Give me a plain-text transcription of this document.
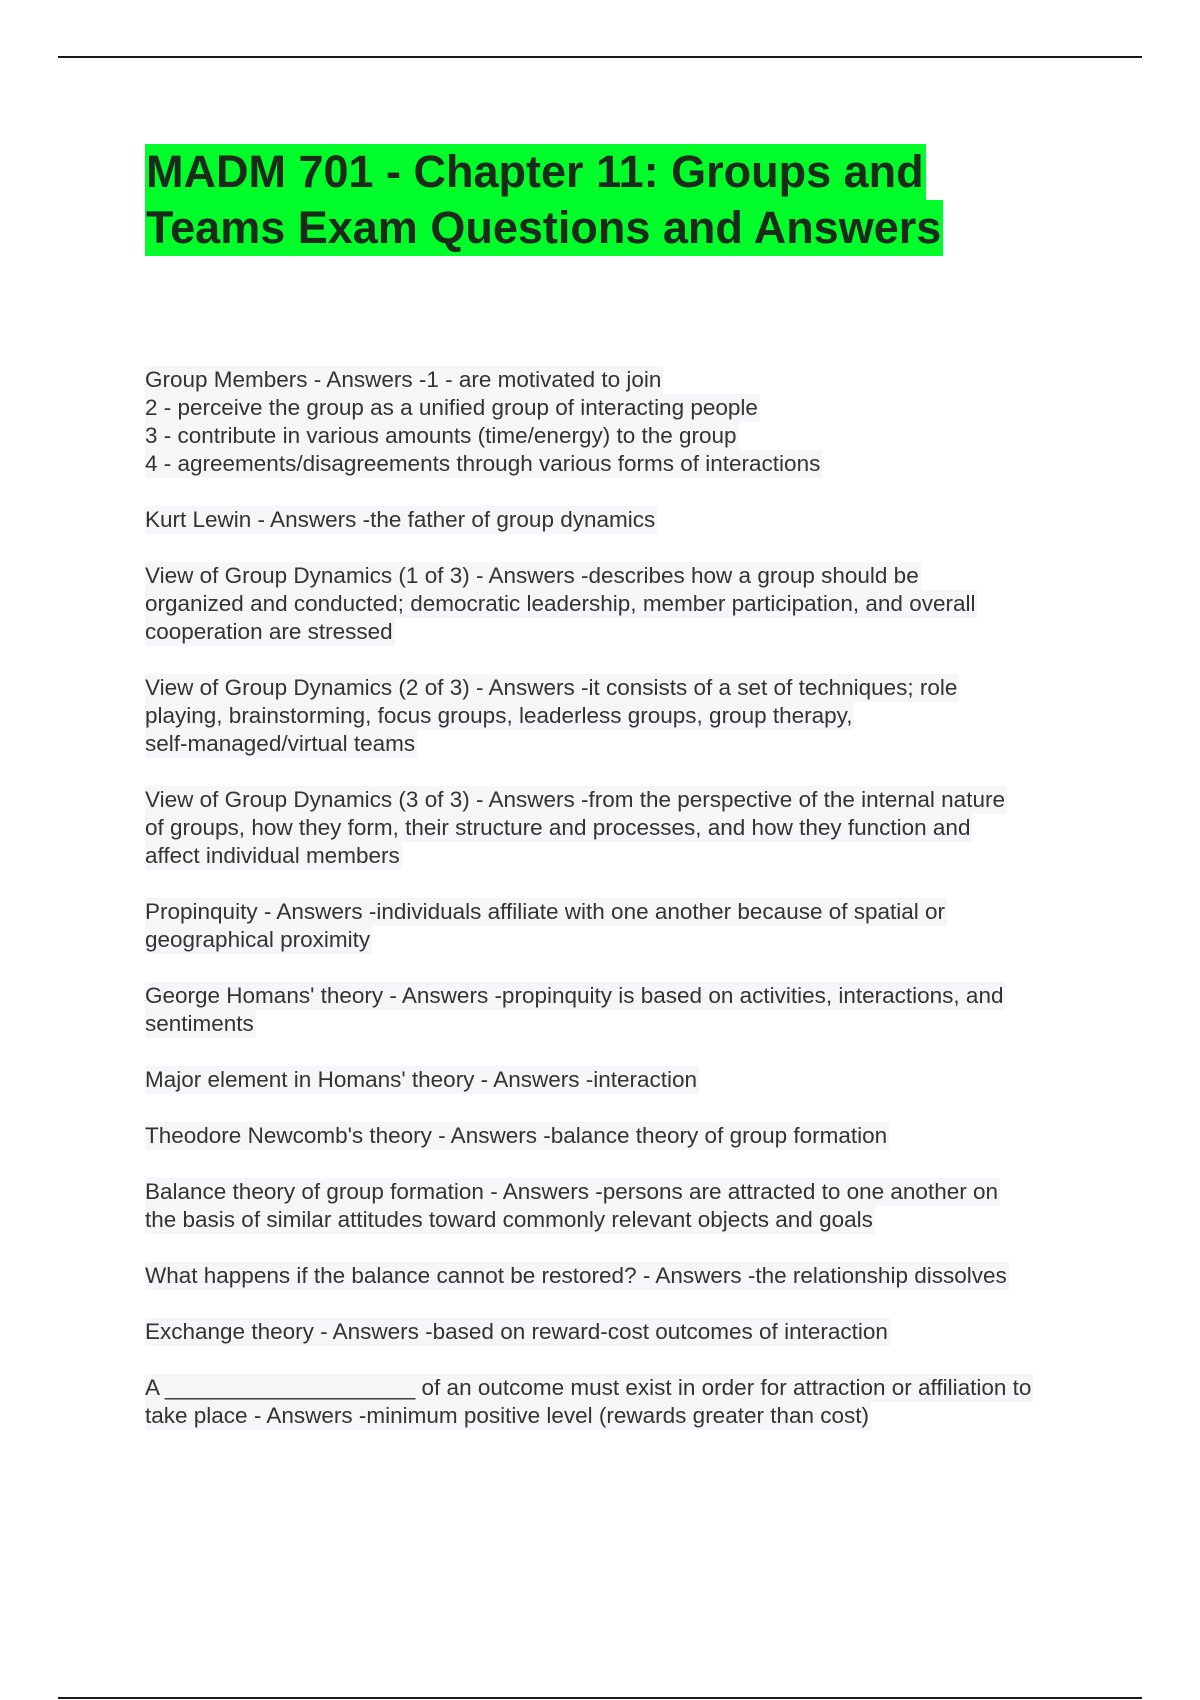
MADM 701 - Chapter 11: Groups and
Teams Exam Questions and Answers
Group Members - Answers -1 - are motivated to join
2 - perceive the group as a unified group of interacting people
3 - contribute in various amounts (time/energy) to the group
4 - agreements/disagreements through various forms of interactions
Kurt Lewin - Answers -the father of group dynamics
View of Group Dynamics (1 of 3) - Answers -describes how a group should be
organized and conducted; democratic leadership, member participation, and overall
cooperation are stressed
View of Group Dynamics (2 of 3) - Answers -it consists of a set of techniques; role
playing, brainstorming, focus groups, leaderless groups, group therapy,
self-managed/virtual teams
View of Group Dynamics (3 of 3) - Answers -from the perspective of the internal nature
of groups, how they form, their structure and processes, and how they function and
affect individual members
Propinquity - Answers -individuals affiliate with one another because of spatial or
geographical proximity
George Homans' theory - Answers -propinquity is based on activities, interactions, and
sentiments
Major element in Homans' theory - Answers -interaction
Theodore Newcomb's theory - Answers -balance theory of group formation
Balance theory of group formation - Answers -persons are attracted to one another on
the basis of similar attitudes toward commonly relevant objects and goals
What happens if the balance cannot be restored? - Answers -the relationship dissolves
Exchange theory - Answers -based on reward-cost outcomes of interaction
A ____________________ of an outcome must exist in order for attraction or affiliation to
take place - Answers -minimum positive level (rewards greater than cost)
